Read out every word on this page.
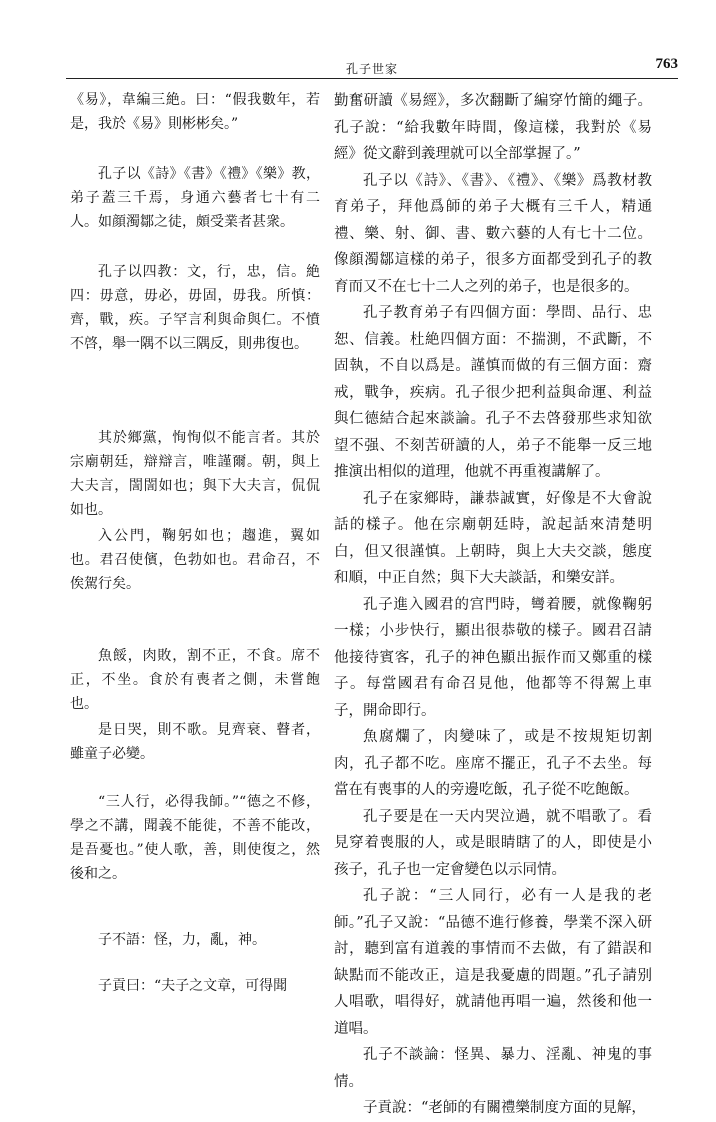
孔子世家	763

《易》，韋編三絶。曰：“假我數年，若是，我於《易》則彬彬矣。”

孔子以《詩》《書》《禮》《樂》教，弟子蓋三千焉，身通六藝者七十有二人。如顔濁鄒之徒，頗受業者甚衆。

孔子以四教：文，行，忠，信。絶四：毋意，毋必，毋固，毋我。所慎：齊，戰，疾。子罕言利與命與仁。不憤不啓，舉一隅不以三隅反，則弗復也。

其於鄉黨，恂恂似不能言者。其於宗廟朝廷，辯辯言，唯謹爾。朝，與上大夫言，誾誾如也；與下大夫言，侃侃如也。

入公門，鞠躬如也；趨進，翼如也。君召使儐，色勃如也。君命召，不俟駕行矣。

魚餒，肉敗，割不正，不食。席不正，不坐。食於有喪者之側，未嘗飽也。

是日哭，則不歌。見齊衰、瞽者，雖童子必變。

“三人行，必得我師。”“德之不修，學之不講，聞義不能徙，不善不能改，是吾憂也。”使人歌，善，則使復之，然後和之。

子不語：怪，力，亂，神。

子貢曰：“夫子之文章，可得聞

勤奮研讀《易經》，多次翻斷了編穿竹簡的繩子。孔子說：“給我數年時間，像這樣，我對於《易經》從文辭到義理就可以全部掌握了。”

孔子以《詩》、《書》、《禮》、《樂》爲教材教育弟子，拜他爲師的弟子大概有三千人，精通禮、樂、射、御、書、數六藝的人有七十二位。像顔濁鄒這樣的弟子，很多方面都受到孔子的教育而又不在七十二人之列的弟子，也是很多的。

孔子教育弟子有四個方面：學問、品行、忠恕、信義。杜絶四個方面：不揣測，不武斷，不固執，不自以爲是。謹慎而做的有三個方面：齋戒，戰争，疾病。孔子很少把利益與命運、利益與仁德結合起來談論。孔子不去啓發那些求知欲望不强、不刻苦研讀的人，弟子不能舉一反三地推演出相似的道理，他就不再重複講解了。

孔子在家鄉時，謙恭誠實，好像是不大會說話的樣子。他在宗廟朝廷時，說起話來清楚明白，但又很謹慎。上朝時，與上大夫交談，態度和順，中正自然；與下大夫談話，和樂安詳。

孔子進入國君的宫門時，彎着腰，就像鞠躬一樣；小步快行，顯出很恭敬的樣子。國君召請他接待賓客，孔子的神色顯出振作而又鄭重的樣子。每當國君有命召見他，他都等不得駕上車子，開命即行。

魚腐爛了，肉變味了，或是不按規矩切割肉，孔子都不吃。座席不擺正，孔子不去坐。每當在有喪事的人的旁邊吃飯，孔子從不吃飽飯。

孔子要是在一天内哭泣過，就不唱歌了。看見穿着喪服的人，或是眼睛瞎了的人，即使是小孩子，孔子也一定會變色以示同情。

孔子說：“三人同行，必有一人是我的老師。”孔子又說：“品德不進行修養，學業不深入研討，聽到富有道義的事情而不去做，有了錯誤和缺點而不能改正，這是我憂慮的問題。”孔子請别人唱歌，唱得好，就請他再唱一遍，然後和他一道唱。

孔子不談論：怪異、暴力、淫亂、神鬼的事情。

子貢說：“老師的有關禮樂制度方面的見解，
